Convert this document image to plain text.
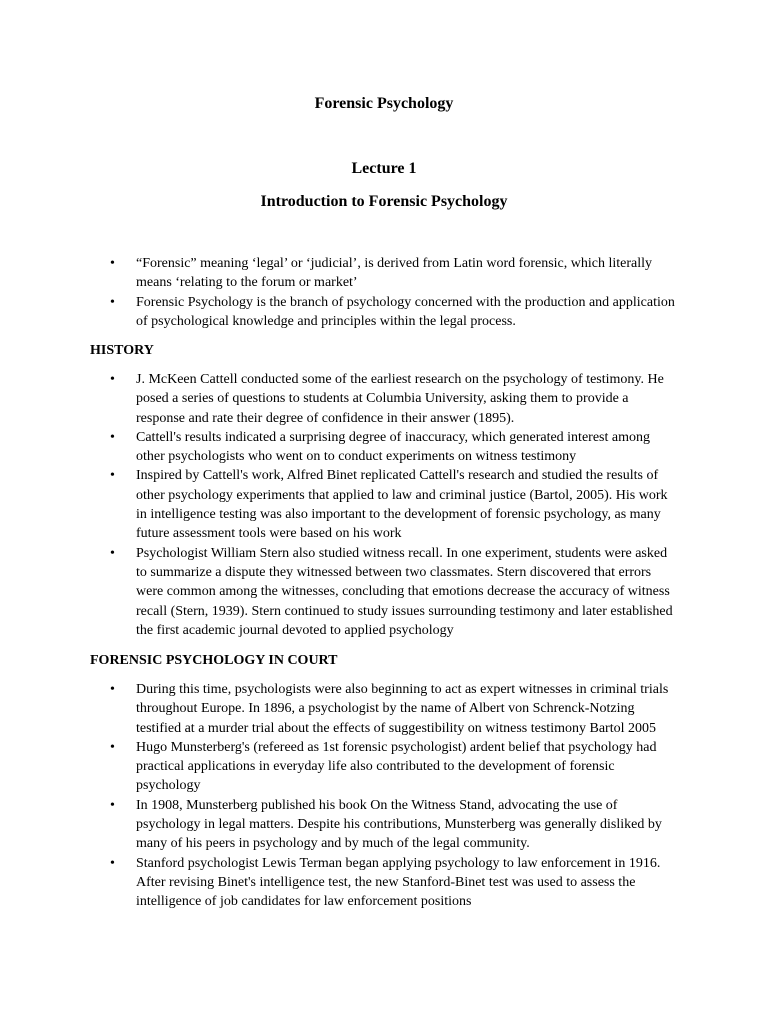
Forensic Psychology
Lecture 1
Introduction to Forensic Psychology
• “Forensic” meaning ‘legal’ or ‘judicial’, is derived from Latin word forensic, which literally means ‘relating to the forum or market’
• Forensic Psychology is the branch of psychology concerned with the production and application of psychological knowledge and principles within the legal process.
HISTORY
• J. McKeen Cattell conducted some of the earliest research on the psychology of testimony. He posed a series of questions to students at Columbia University, asking them to provide a response and rate their degree of confidence in their answer (1895).
• Cattell's results indicated a surprising degree of inaccuracy, which generated interest among other psychologists who went on to conduct experiments on witness testimony
• Inspired by Cattell's work, Alfred Binet replicated Cattell's research and studied the results of other psychology experiments that applied to law and criminal justice (Bartol, 2005). His work in intelligence testing was also important to the development of forensic psychology, as many future assessment tools were based on his work
• Psychologist William Stern also studied witness recall. In one experiment, students were asked to summarize a dispute they witnessed between two classmates. Stern discovered that errors were common among the witnesses, concluding that emotions decrease the accuracy of witness recall (Stern, 1939). Stern continued to study issues surrounding testimony and later established the first academic journal devoted to applied psychology
FORENSIC PSYCHOLOGY IN COURT
• During this time, psychologists were also beginning to act as expert witnesses in criminal trials throughout Europe. In 1896, a psychologist by the name of Albert von Schrenck-Notzing testified at a murder trial about the effects of suggestibility on witness testimony Bartol 2005
• Hugo Munsterberg's (refereed as 1st forensic psychologist) ardent belief that psychology had practical applications in everyday life also contributed to the development of forensic psychology
• In 1908, Munsterberg published his book On the Witness Stand, advocating the use of psychology in legal matters. Despite his contributions, Munsterberg was generally disliked by many of his peers in psychology and by much of the legal community.
• Stanford psychologist Lewis Terman began applying psychology to law enforcement in 1916. After revising Binet's intelligence test, the new Stanford-Binet test was used to assess the intelligence of job candidates for law enforcement positions
